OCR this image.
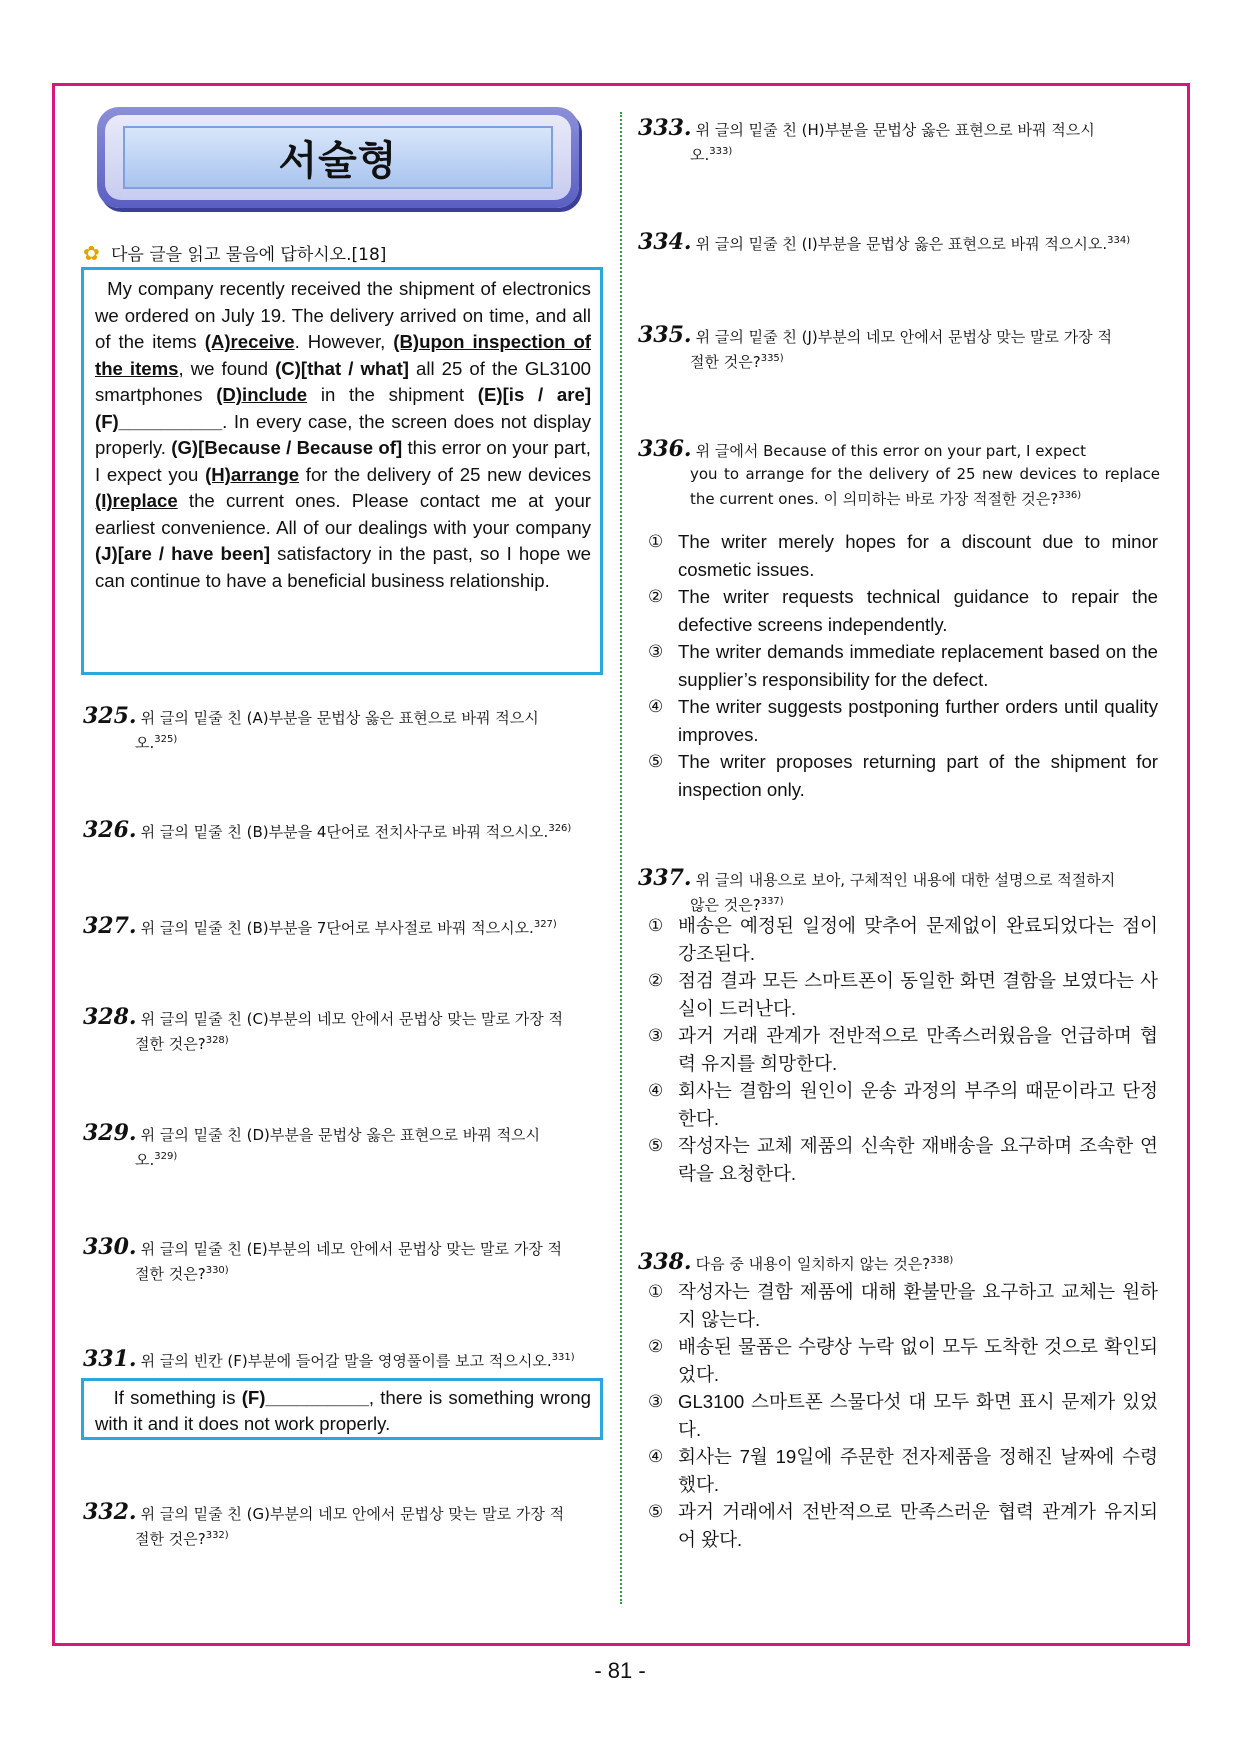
서술형
✿ 다음 글을 읽고 물음에 답하시오.[18]
My company recently received the shipment of electronics we ordered on July 19. The delivery arrived on time, and all of the items (A)receive. However, (B)upon inspection of the items, we found (C)[that / what] all 25 of the GL3100 smartphones (D)include in the shipment (E)[is / are] (F)__________. In every case, the screen does not display properly. (G)[Because / Because of] this error on your part, I expect you (H)arrange for the delivery of 25 new devices (I)replace the current ones. Please contact me at your earliest convenience. All of our dealings with your company (J)[are / have been] satisfactory in the past, so I hope we can continue to have a beneficial business relationship.
325. 위 글의 밑줄 친 (A)부분을 문법상 옳은 표현으로 바꿔 적으시
오.$^{325)}$
326. 위 글의 밑줄 친 (B)부분을 4단어로 전치사구로 바꿔 적으시오.$^{326)}$
327. 위 글의 밑줄 친 (B)부분을 7단어로 부사절로 바꿔 적으시오.$^{327)}$
328. 위 글의 밑줄 친 (C)부분의 네모 안에서 문법상 맞는 말로 가장 적
절한 것은?$^{328)}$
329. 위 글의 밑줄 친 (D)부분을 문법상 옳은 표현으로 바꿔 적으시
오.$^{329)}$
330. 위 글의 밑줄 친 (E)부분의 네모 안에서 문법상 맞는 말로 가장 적
절한 것은?$^{330)}$
331. 위 글의 빈칸 (F)부분에 들어갈 말을 영영풀이를 보고 적으시오.$^{331)}$
If something is (F)__________, there is something wrong with it and it does not work properly.
332. 위 글의 밑줄 친 (G)부분의 네모 안에서 문법상 맞는 말로 가장 적
절한 것은?$^{332)}$
333. 위 글의 밑줄 친 (H)부분을 문법상 옳은 표현으로 바꿔 적으시
오.$^{333)}$
334. 위 글의 밑줄 친 (I)부분을 문법상 옳은 표현으로 바꿔 적으시오.$^{334)}$
335. 위 글의 밑줄 친 (J)부분의 네모 안에서 문법상 맞는 말로 가장 적
절한 것은?$^{335)}$
336. 위 글에서 Because of this error on your part, I expect
you to arrange for the delivery of 25 new devices to replace the current ones. 이 의미하는 바로 가장 적절한 것은?$^{336)}$
① The writer merely hopes for a discount due to minor cosmetic issues.
② The writer requests technical guidance to repair the defective screens independently.
③ The writer demands immediate replacement based on the supplier’s responsibility for the defect.
④ The writer suggests postponing further orders until quality improves.
⑤ The writer proposes returning part of the shipment for inspection only.
337. 위 글의 내용으로 보아, 구체적인 내용에 대한 설명으로 적절하지
않은 것은?$^{337)}$
① 배송은 예정된 일정에 맞추어 문제없이 완료되었다는 점이 강조된다.
② 점검 결과 모든 스마트폰이 동일한 화면 결함을 보였다는 사실이 드러난다.
③ 과거 거래 관계가 전반적으로 만족스러웠음을 언급하며 협력 유지를 희망한다.
④ 회사는 결함의 원인이 운송 과정의 부주의 때문이라고 단정한다.
⑤ 작성자는 교체 제품의 신속한 재배송을 요구하며 조속한 연락을 요청한다.
338. 다음 중 내용이 일치하지 않는 것은?$^{338)}$
① 작성자는 결함 제품에 대해 환불만을 요구하고 교체는 원하지 않는다.
② 배송된 물품은 수량상 누락 없이 모두 도착한 것으로 확인되었다.
③ GL3100 스마트폰 스물다섯 대 모두 화면 표시 문제가 있었다.
④ 회사는 7월 19일에 주문한 전자제품을 정해진 날짜에 수령했다.
⑤ 과거 거래에서 전반적으로 만족스러운 협력 관계가 유지되어 왔다.
- 81 -
